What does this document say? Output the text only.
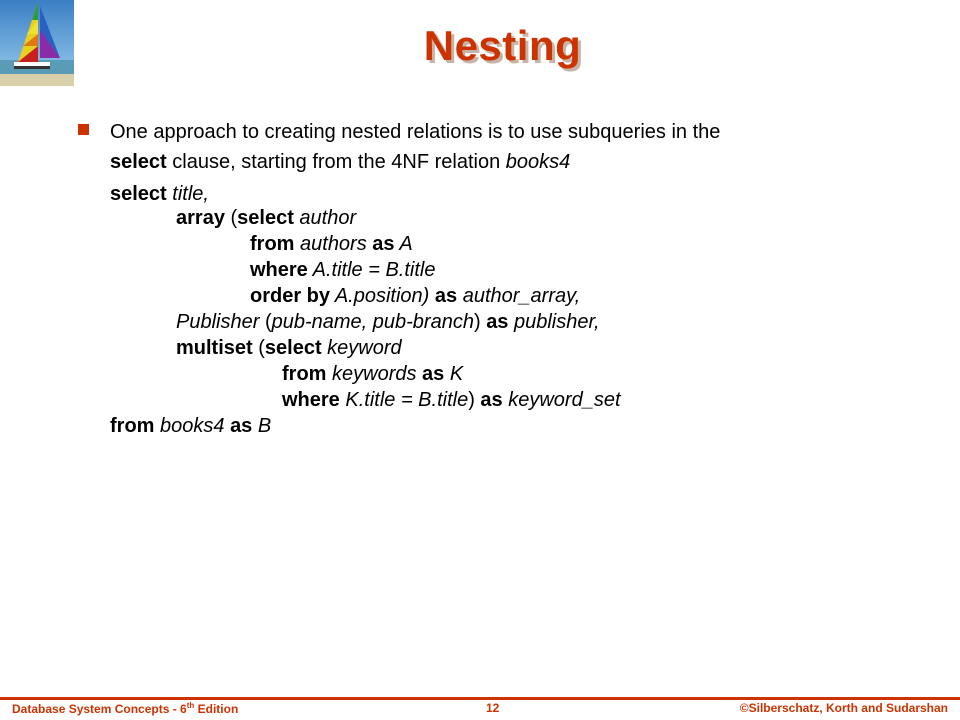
Nesting
One approach to creating nested relations is to use subqueries in the
select clause, starting from the 4NF relation books4
select title,
array (select author
from authors as A
where A.title = B.title
order by A.position) as author_array,
Publisher (pub-name, pub-branch) as publisher,
multiset (select keyword
from keywords as K
where K.title = B.title) as keyword_set
from books4 as B
Database System Concepts - 6th Edition	12	©Silberschatz, Korth and Sudarshan
